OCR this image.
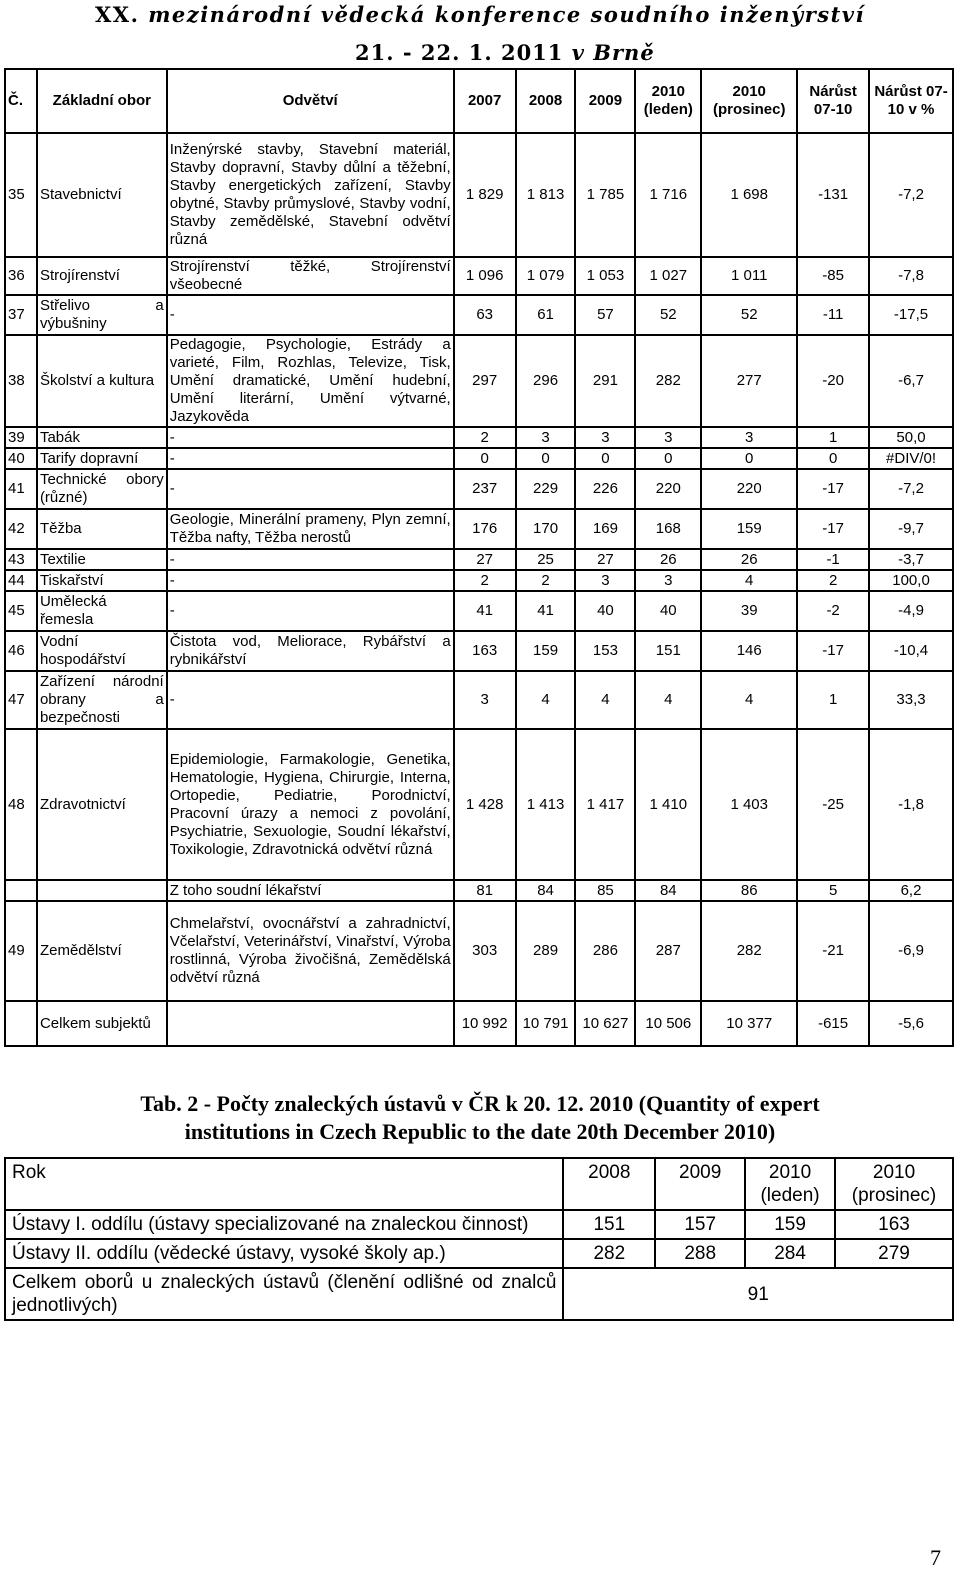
XX. mezinárodní vědecká konference soudního inženýrství
21. - 22. 1. 2011 v Brně
Č.	Základní obor	Odvětví	2007	2008	2009	2010 (leden)	2010 (prosinec)	Nárůst 07-10	Nárůst 07-10 v %
35	Stavebnictví	Inženýrské stavby, Stavební materiál, Stavby dopravní, Stavby důlní a těžební, Stavby energetických zařízení, Stavby obytné, Stavby průmyslové, Stavby vodní, Stavby zemědělské, Stavební odvětví různá	1 829	1 813	1 785	1 716	1 698	-131	-7,2
36	Strojírenství	Strojírenství těžké, Strojírenství všeobecné	1 096	1 079	1 053	1 027	1 011	-85	-7,8
37	Střelivo a výbušniny	-	63	61	57	52	52	-11	-17,5
38	Školství a kultura	Pedagogie, Psychologie, Estrády a varieté, Film, Rozhlas, Televize, Tisk, Umění dramatické, Umění hudební, Umění literární, Umění výtvarné, Jazykověda	297	296	291	282	277	-20	-6,7
39	Tabák	-	2	3	3	3	3	1	50,0
40	Tarify dopravní	-	0	0	0	0	0	0	#DIV/0!
41	Technické obory (různé)	-	237	229	226	220	220	-17	-7,2
42	Těžba	Geologie, Minerální prameny, Plyn zemní, Těžba nafty, Těžba nerostů	176	170	169	168	159	-17	-9,7
43	Textilie	-	27	25	27	26	26	-1	-3,7
44	Tiskařství	-	2	2	3	3	4	2	100,0
45	Umělecká řemesla	-	41	41	40	40	39	-2	-4,9
46	Vodní hospodářství	Čistota vod, Meliorace, Rybářství a rybnikářství	163	159	153	151	146	-17	-10,4
47	Zařízení národní obrany a bezpečnosti	-	3	4	4	4	4	1	33,3
48	Zdravotnictví	Epidemiologie, Farmakologie, Genetika, Hematologie, Hygiena, Chirurgie, Interna, Ortopedie, Pediatrie, Porodnictví, Pracovní úrazy a nemoci z povolání, Psychiatrie, Sexuologie, Soudní lékařství, Toxikologie, Zdravotnická odvětví různá	1 428	1 413	1 417	1 410	1 403	-25	-1,8
		Z toho soudní lékařství	81	84	85	84	86	5	6,2
49	Zemědělství	Chmelařství, ovocnářství a zahradnictví, Včelařství, Veterinářství, Vinařství, Výroba rostlinná, Výroba živočišná, Zemědělská odvětví různá	303	289	286	287	282	-21	-6,9
	Celkem subjektů		10 992	10 791	10 627	10 506	10 377	-615	-5,6
Tab. 2 - Počty znaleckých ústavů v ČR k 20. 12. 2010 (Quantity of expert
institutions in Czech Republic to the date 20th December 2010)
Rok	2008	2009	2010 (leden)	2010 (prosinec)
Ústavy I. oddílu (ústavy specializované na znaleckou činnost)	151	157	159	163
Ústavy II. oddílu (vědecké ústavy, vysoké školy ap.)	282	288	284	279
Celkem oborů u znaleckých ústavů (členění odlišné od znalců jednotlivých)	91			
7
